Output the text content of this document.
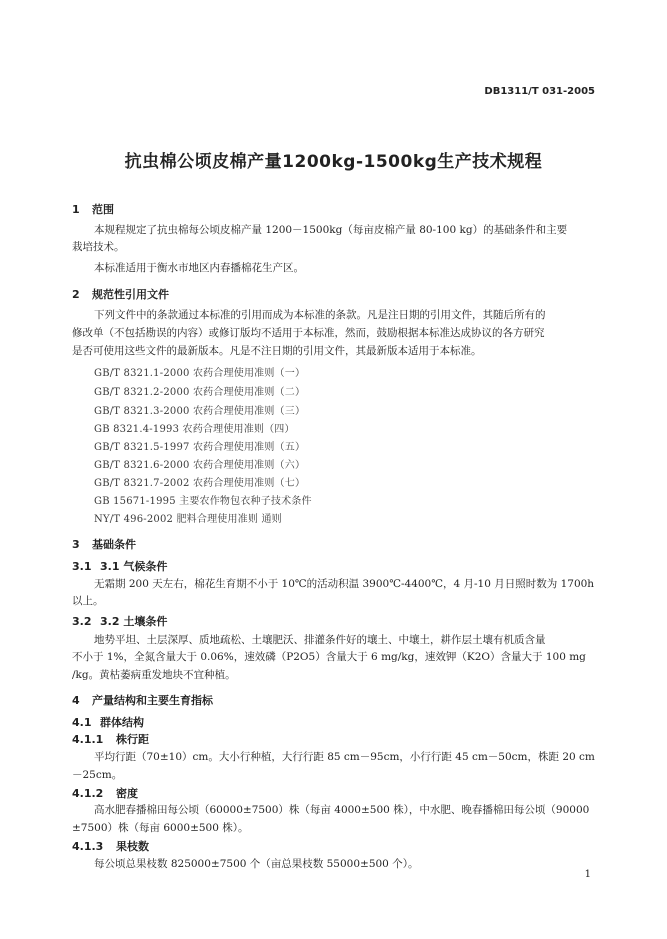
DB1311/T 031-2005
抗虫棉公顷皮棉产量1200kg-1500kg生产技术规程
1 范围
本规程规定了抗虫棉每公顷皮棉产量 1200－1500kg（每亩皮棉产量 80-100 kg）的基础条件和主要
栽培技术。
本标准适用于衡水市地区内春播棉花生产区。
2 规范性引用文件
下列文件中的条款通过本标准的引用而成为本标准的条款。凡是注日期的引用文件，其随后所有的
修改单（不包括勘误的内容）或修订版均不适用于本标准，然而，鼓励根据本标准达成协议的各方研究
是否可使用这些文件的最新版本。凡是不注日期的引用文件，其最新版本适用于本标准。
GB/T 8321.1-2000 农药合理使用准则（一）
GB/T 8321.2-2000 农药合理使用准则（二）
GB/T 8321.3-2000 农药合理使用准则（三）
GB 8321.4-1993 农药合理使用准则（四）
GB/T 8321.5-1997 农药合理使用准则（五）
GB/T 8321.6-2000 农药合理使用准则（六）
GB/T 8321.7-2002 农药合理使用准则（七）
GB 15671-1995 主要农作物包衣种子技术条件
NY/T 496-2002 肥料合理使用准则 通则
3 基础条件
3.1 3.1 气候条件
无霜期 200 天左右，棉花生育期不小于 10℃的活动积温 3900℃-4400℃，4 月-10 月日照时数为 1700h
以上。
3.2 3.2 土壤条件
地势平坦、土层深厚、质地疏松、土壤肥沃、排灌条件好的壤土、中壤土，耕作层土壤有机质含量
不小于 1%，全氮含量大于 0.06%，速效磷（P2O5）含量大于 6 mg/kg，速效钾（K2O）含量大于 100 mg
/kg。黄枯萎病重发地块不宜种植。
4 产量结构和主要生育指标
4.1 群体结构
4.1.1 株行距
平均行距（70±10）cm。大小行种植，大行行距 85 cm－95cm，小行行距 45 cm－50cm，株距 20 cm
－25cm。
4.1.2 密度
高水肥春播棉田每公顷（60000±7500）株（每亩 4000±500 株），中水肥、晚春播棉田每公顷（90000
±7500）株（每亩 6000±500 株）。
4.1.3 果枝数
每公顷总果枝数 825000±7500 个（亩总果枝数 55000±500 个）。
1
